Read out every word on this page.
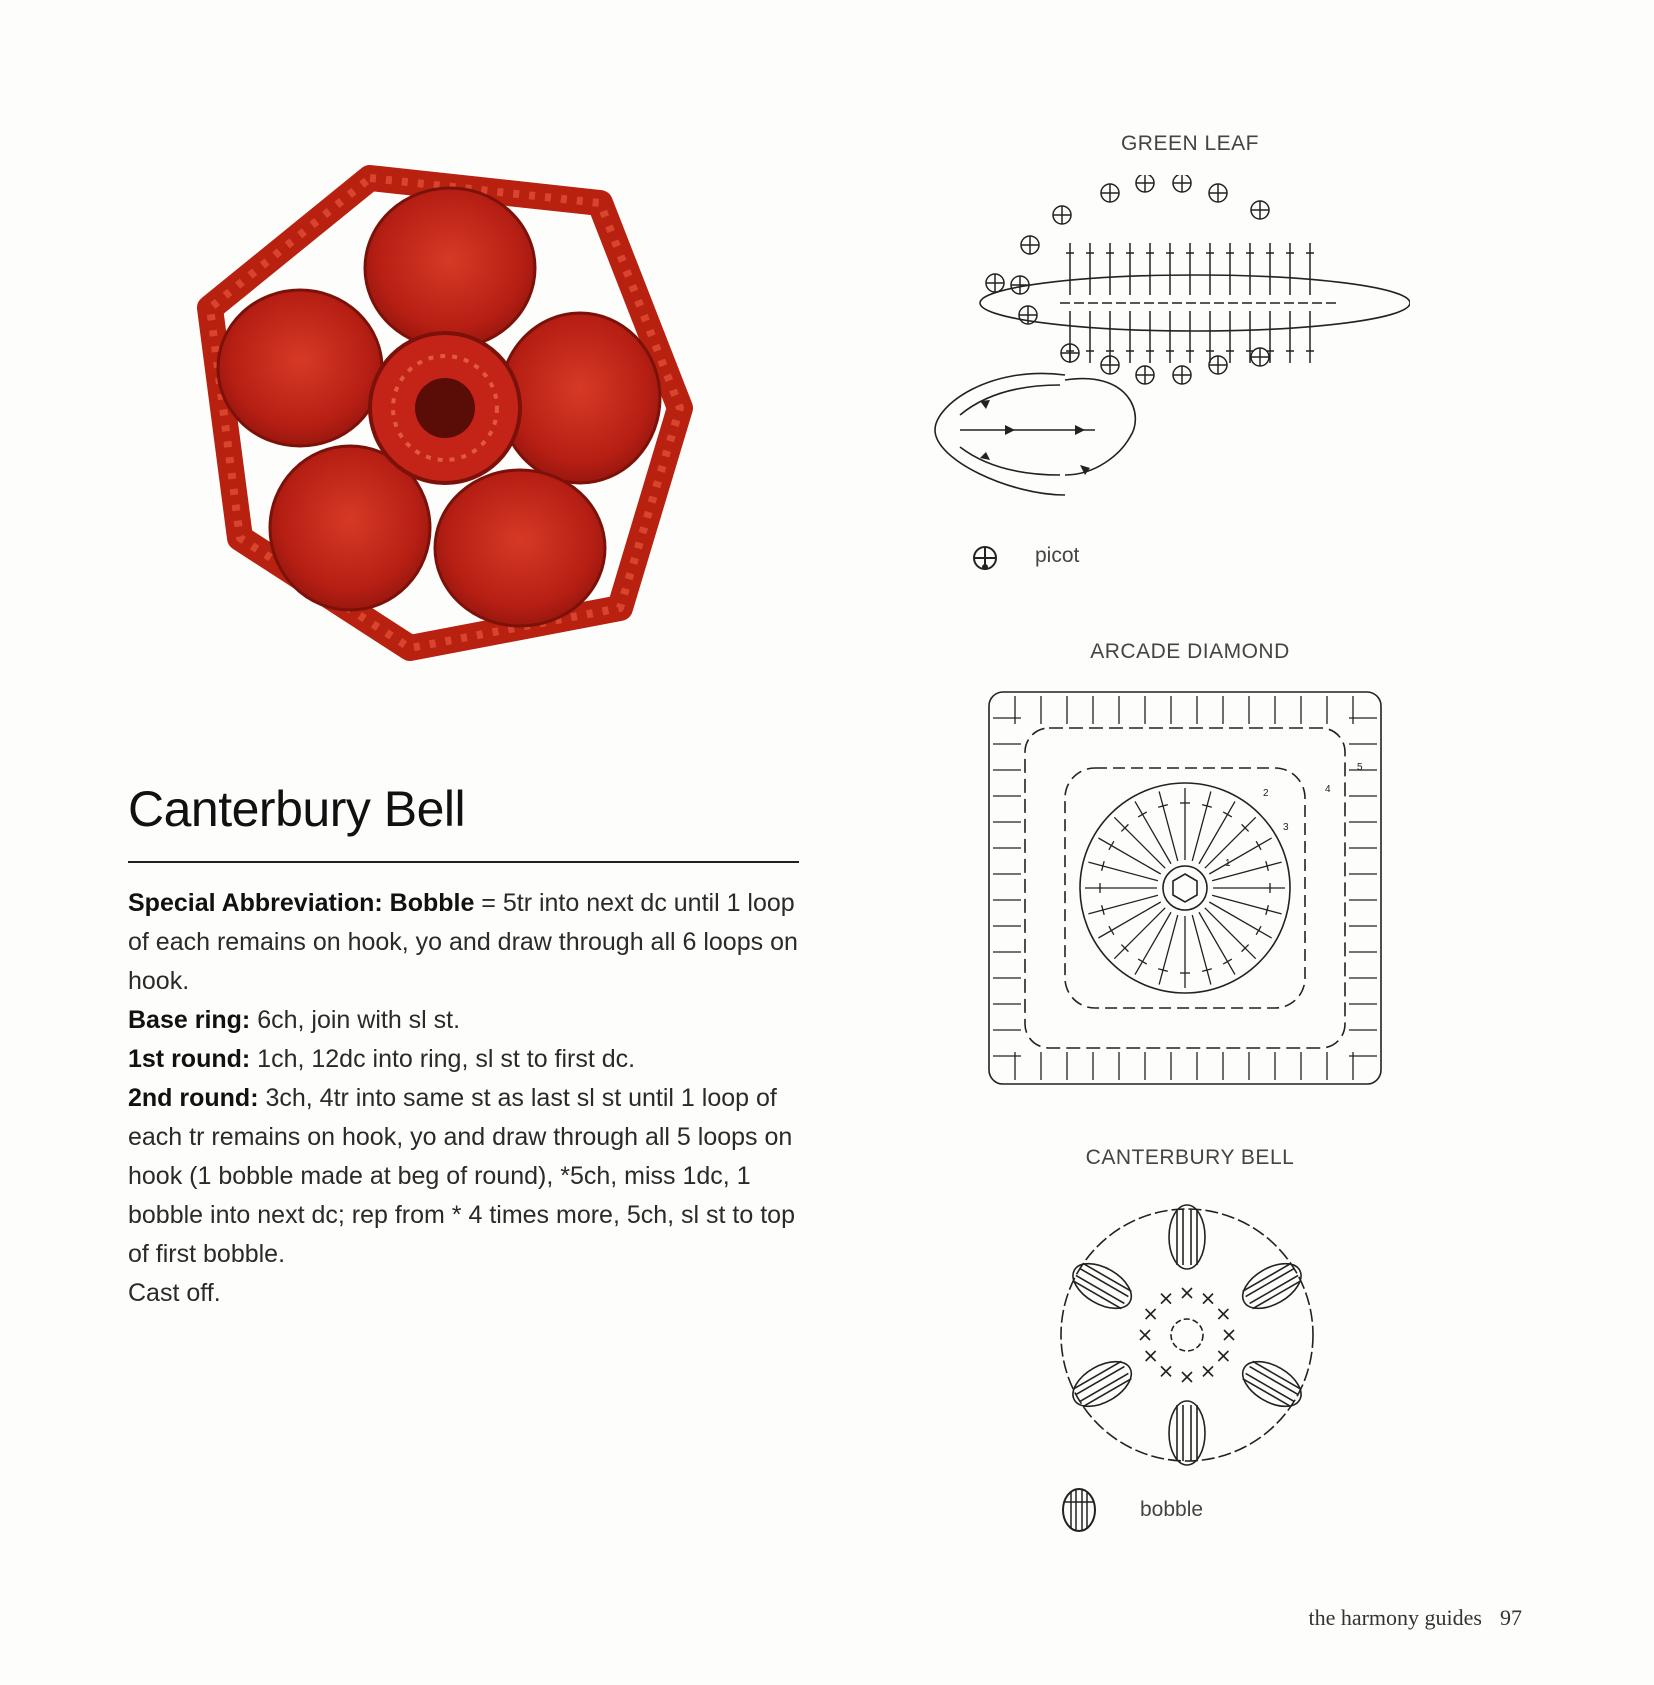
Canterbury Bell

Special Abbreviation: Bobble = 5tr into next dc until 1 loop of each remains on hook, yo and draw through all 6 loops on hook.

Base ring: 6ch, join with sl st.

1st round: 1ch, 12dc into ring, sl st to first dc.

2nd round: 3ch, 4tr into same st as last sl st until 1 loop of each tr remains on hook, yo and draw through all 5 loops on hook (1 bobble made at beg of round), *5ch, miss 1dc, 1 bobble into next dc; rep from * 4 times more, 5ch, sl st to top of first bobble.

Cast off.

GREEN LEAF
picot
ARCADE DIAMOND
2
3
4
5
1
CANTERBURY BELL
bobble
the harmony guides 97
